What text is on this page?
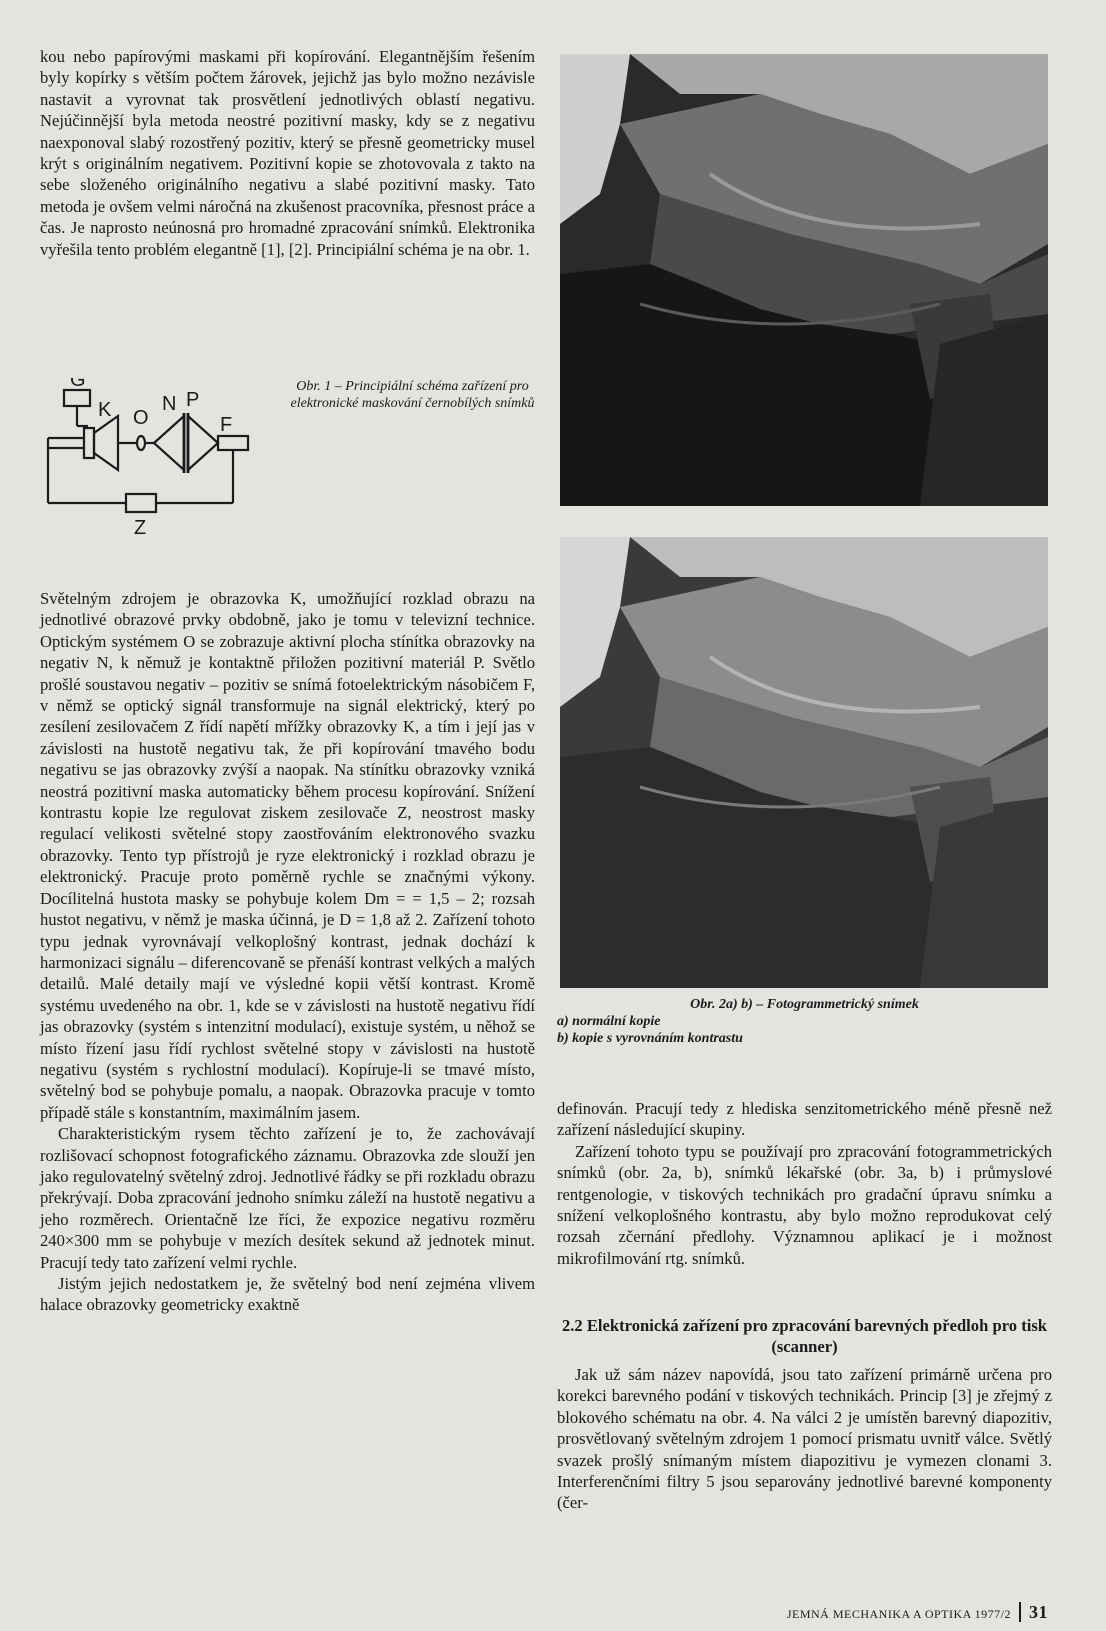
kou nebo papírovými maskami při kopírování. Elegantnějším řešením byly kopírky s větším počtem žárovek, jejichž jas bylo možno nezávisle nastavit a vyrovnat tak prosvětlení jednotlivých oblastí negativu. Nejúčinnější byla metoda neostré pozitivní masky, kdy se z negativu naexponoval slabý rozostřený pozitiv, který se přesně geometricky musel krýt s originálním negativem. Pozitivní kopie se zhotovovala z takto na sebe složeného originálního negativu a slabé pozitivní masky. Tato metoda je ovšem velmi náročná na zkušenost pracovníka, přesnost práce a čas. Je naprosto neúnosná pro hromadné zpracování snímků. Elektronika vyřešila tento problém elegantně [1], [2]. Principiální schéma je na obr. 1.

G
K O
N P
F
Z
Obr. 1 – Principiální schéma zařízení pro elektronické maskování černobílých snímků
Obr. 2a) b) – Fotogrammetrický snímek
a) normální kopie
b) kopie s vyrovnáním kontrastu

Světelným zdrojem je obrazovka K, umožňující rozklad obrazu na jednotlivé obrazové prvky obdobně, jako je tomu v televizní technice. Optickým systémem O se zobrazuje aktivní plocha stínítka obrazovky na negativ N, k němuž je kontaktně přiložen pozitivní materiál P. Světlo prošlé soustavou negativ – pozitiv se snímá fotoelektrickým násobičem F, v němž se optický signál transformuje na signál elektrický, který po zesílení zesilovačem Z řídí napětí mřížky obrazovky K, a tím i její jas v závislosti na hustotě negativu tak, že při kopírování tmavého bodu negativu se jas obrazovky zvýší a naopak. Na stínítku obrazovky vzniká neostrá pozitivní maska automaticky během procesu kopírování. Snížení kontrastu kopie lze regulovat ziskem zesilovače Z, neostrost masky regulací velikosti světelné stopy zaostřováním elektronového svazku obrazovky. Tento typ přístrojů je ryze elektronický i rozklad obrazu je elektronický. Pracuje proto poměrně rychle se značnými výkony. Docílitelná hustota masky se pohybuje kolem Dm = = 1,5 – 2; rozsah hustot negativu, v němž je maska účinná, je D = 1,8 až 2. Zařízení tohoto typu jednak vyrovnávají velkoplošný kontrast, jednak dochází k harmonizaci signálu – diferencovaně se přenáší kontrast velkých a malých detailů. Malé detaily mají ve výsledné kopii větší kontrast. Kromě systému uvedeného na obr. 1, kde se v závislosti na hustotě negativu řídí jas obrazovky (systém s intenzitní modulací), existuje systém, u něhož se místo řízení jasu řídí rychlost světelné stopy v závislosti na hustotě negativu (systém s rychlostní modulací). Kopíruje-li se tmavé místo, světelný bod se pohybuje pomalu, a naopak. Obrazovka pracuje v tomto případě stále s konstantním, maximálním jasem.

Charakteristickým rysem těchto zařízení je to, že zachovávají rozlišovací schopnost fotografického záznamu. Obrazovka zde slouží jen jako regulovatelný světelný zdroj. Jednotlivé řádky se při rozkladu obrazu překrývají. Doba zpracování jednoho snímku záleží na hustotě negativu a jeho rozměrech. Orientačně lze říci, že expozice negativu rozměru 240×300 mm se pohybuje v mezích desítek sekund až jednotek minut. Pracují tedy tato zařízení velmi rychle.

Jistým jejich nedostatkem je, že světelný bod není zejména vlivem halace obrazovky geometricky exaktně

definován. Pracují tedy z hlediska senzitometrického méně přesně než zařízení následující skupiny.

Zařízení tohoto typu se používají pro zpracování fotogrammetrických snímků (obr. 2a, b), snímků lékařské (obr. 3a, b) i průmyslové rentgenologie, v tiskových technikách pro gradační úpravu snímku a snížení velkoplošného kontrastu, aby bylo možno reprodukovat celý rozsah zčernání předlohy. Významnou aplikací je i možnost mikrofilmování rtg. snímků.

2.2 Elektronická zařízení pro zpracování barevných předloh pro tisk (scanner)

Jak už sám název napovídá, jsou tato zařízení primárně určena pro korekci barevného podání v tiskových technikách. Princip [3] je zřejmý z blokového schématu na obr. 4. Na válci 2 je umístěn barevný diapozitiv, prosvětlovaný světelným zdrojem 1 pomocí prismatu uvnitř válce. Světlý svazek prošlý snímaným místem diapozitivu je vymezen clonami 3. Interferenčními filtry 5 jsou separovány jednotlivé barevné komponenty (čer-

JEMNÁ MECHANIKA A OPTIKA 1977/2 31
